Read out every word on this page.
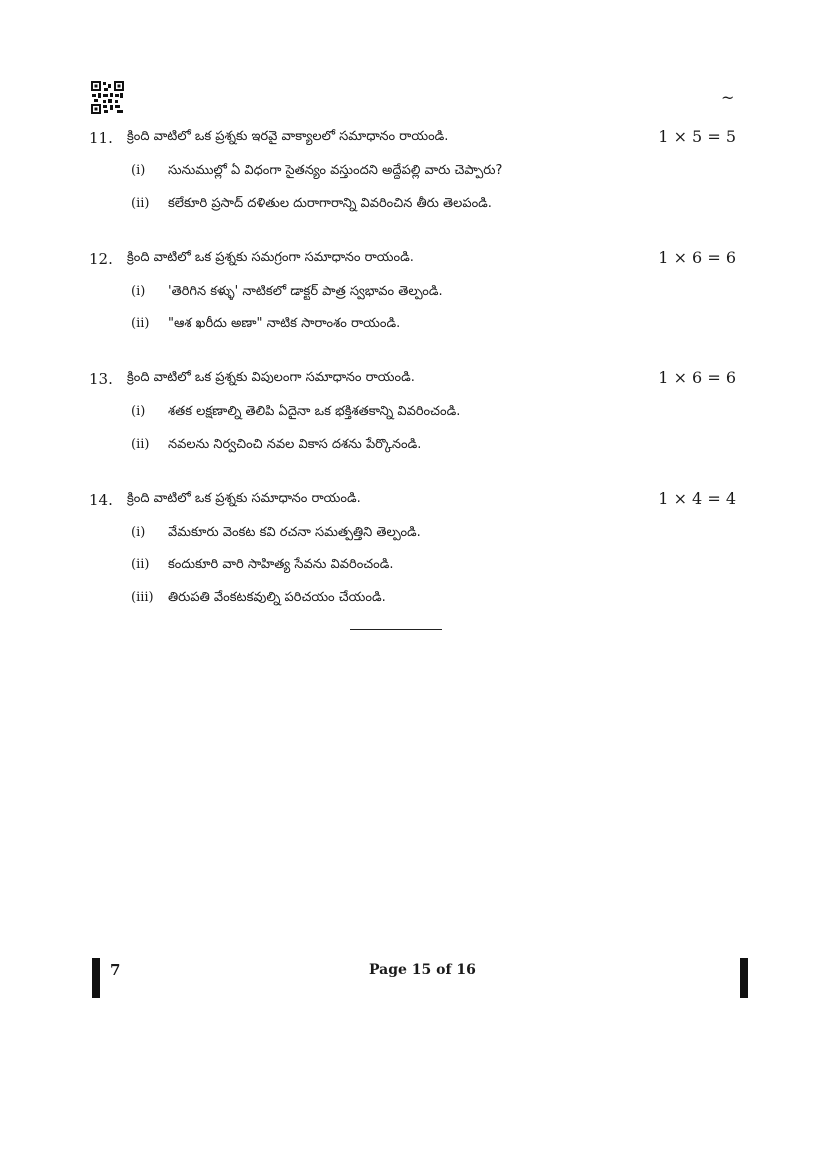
~
11. క్రింది వాటిలో ఒక ప్రశ్నకు ఇరవై వాక్యాలలో సమాధానం రాయండి.	1 × 5 = 5
(i) సునుముల్లో ఏ విధంగా సైతన్యం వస్తుందని అద్దేపల్లి వారు చెప్పారు?
(ii) కలేకూరి ప్రసాద్ దళితుల దురాగారాన్ని వివరించిన తీరు తెలపండి.
12. క్రింది వాటిలో ఒక ప్రశ్నకు సమగ్రంగా సమాధానం రాయండి.	1 × 6 = 6
(i) 'తెరిగిన కళ్ళు' నాటికలో డాక్టర్ పాత్ర స్వభావం తెల్పండి.
(ii) "ఆశ ఖరీదు అణా" నాటిక సారాంశం రాయండి.
13. క్రింది వాటిలో ఒక ప్రశ్నకు విపులంగా సమాధానం రాయండి.	1 × 6 = 6
(i) శతక లక్షణాల్ని తెలిపి ఏదైనా ఒక భక్తిశతకాన్ని వివరించండి.
(ii) నవలను నిర్వచించి నవల వికాస దశను పేర్కొనండి.
14. క్రింది వాటిలో ఒక ప్రశ్నకు సమాధానం రాయండి.	1 × 4 = 4
(i) వేమకూరు వెంకట కవి రచనా సమత్పత్తిని తెల్పండి.
(ii) కందుకూరి వారి సాహిత్య సేవను వివరించండి.
(iii) తిరుపతి వేంకటకవుల్ని పరిచయం చేయండి.
7	Page 15 of 16
